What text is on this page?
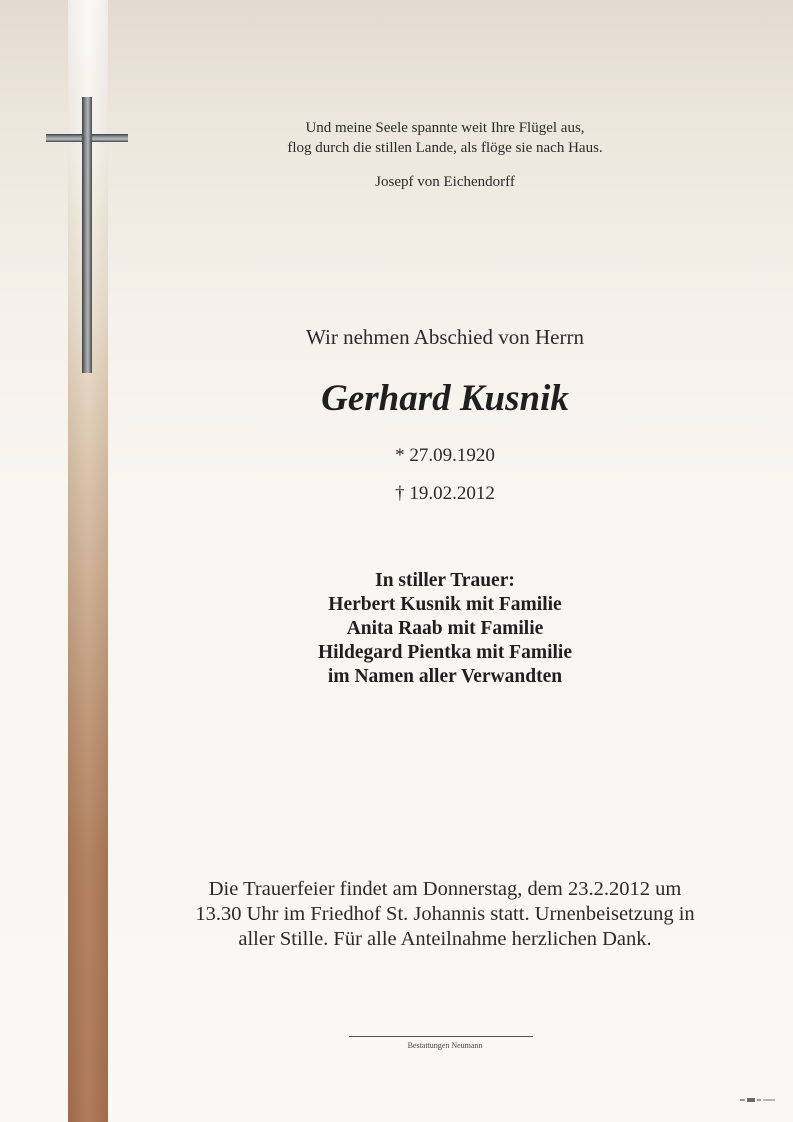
Und meine Seele spannte weit Ihre Flügel aus,
flog durch die stillen Lande, als flöge sie nach Haus.
Josepf von Eichendorff
Wir nehmen Abschied von Herrn
Gerhard Kusnik
* 27.09.1920
† 19.02.2012
In stiller Trauer:
Herbert Kusnik mit Familie
Anita Raab mit Familie
Hildegard Pientka mit Familie
im Namen aller Verwandten
Die Trauerfeier findet am Donnerstag, dem 23.2.2012 um
13.30 Uhr im Friedhof St. Johannis statt. Urnenbeisetzung in
aller Stille. Für alle Anteilnahme herzlichen Dank.
Bestattungen Neumann
